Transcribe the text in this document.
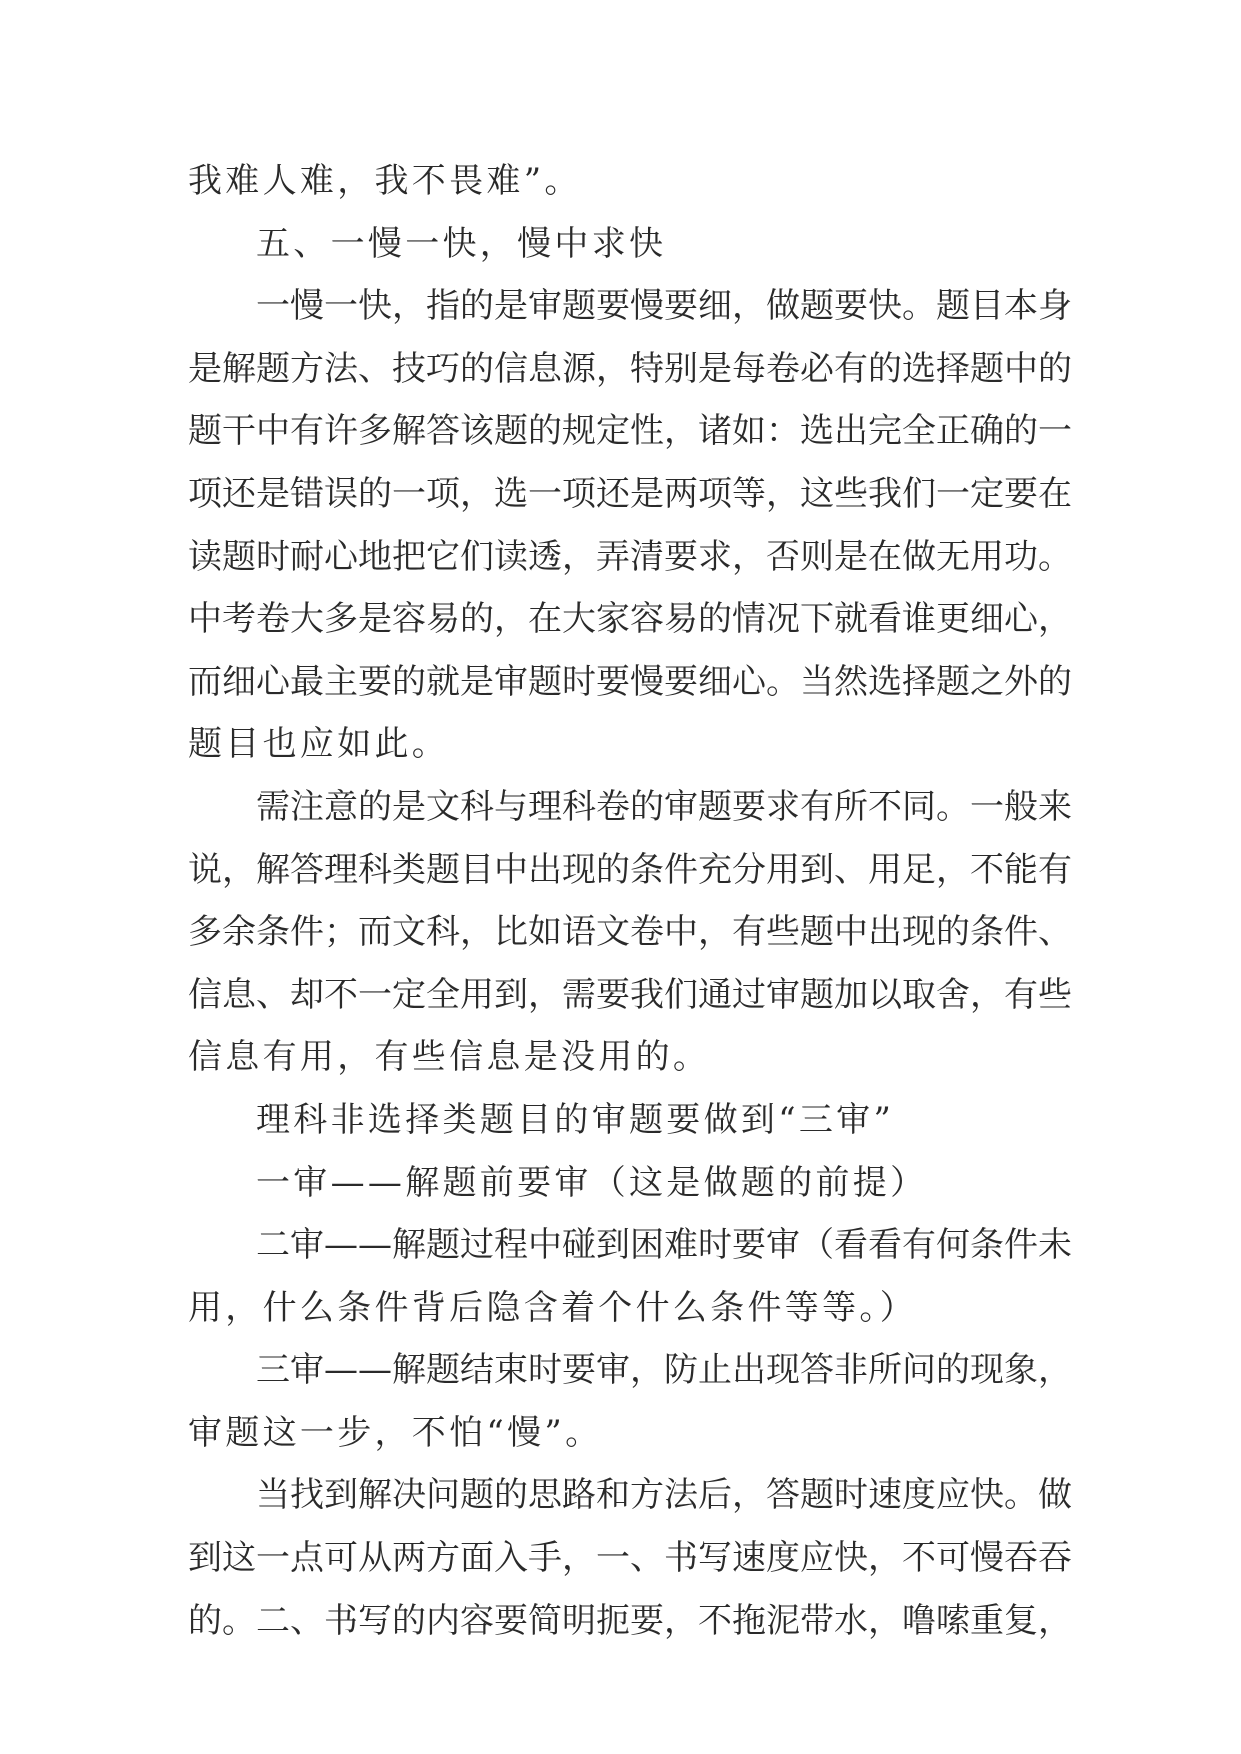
我难人难，我不畏难”。
五、一慢一快，慢中求快
一慢一快，指的是审题要慢要细，做题要快。题目本身
是解题方法、技巧的信息源，特别是每卷必有的选择题中的
题干中有许多解答该题的规定性，诸如：选出完全正确的一
项还是错误的一项，选一项还是两项等，这些我们一定要在
读题时耐心地把它们读透，弄清要求，否则是在做无用功。
中考卷大多是容易的，在大家容易的情况下就看谁更细心，
而细心最主要的就是审题时要慢要细心。当然选择题之外的
题目也应如此。
需注意的是文科与理科卷的审题要求有所不同。一般来
说，解答理科类题目中出现的条件充分用到、用足，不能有
多余条件；而文科，比如语文卷中，有些题中出现的条件、
信息、却不一定全用到，需要我们通过审题加以取舍，有些
信息有用，有些信息是没用的。
理科非选择类题目的审题要做到“三审”
一审——解题前要审（这是做题的前提）
二审——解题过程中碰到困难时要审（看看有何条件未
用，什么条件背后隐含着个什么条件等等。）
三审——解题结束时要审，防止出现答非所问的现象，
审题这一步，不怕“慢”。
当找到解决问题的思路和方法后，答题时速度应快。做
到这一点可从两方面入手，一、书写速度应快，不可慢吞吞
的。二、书写的内容要简明扼要，不拖泥带水，噜嗦重复，
